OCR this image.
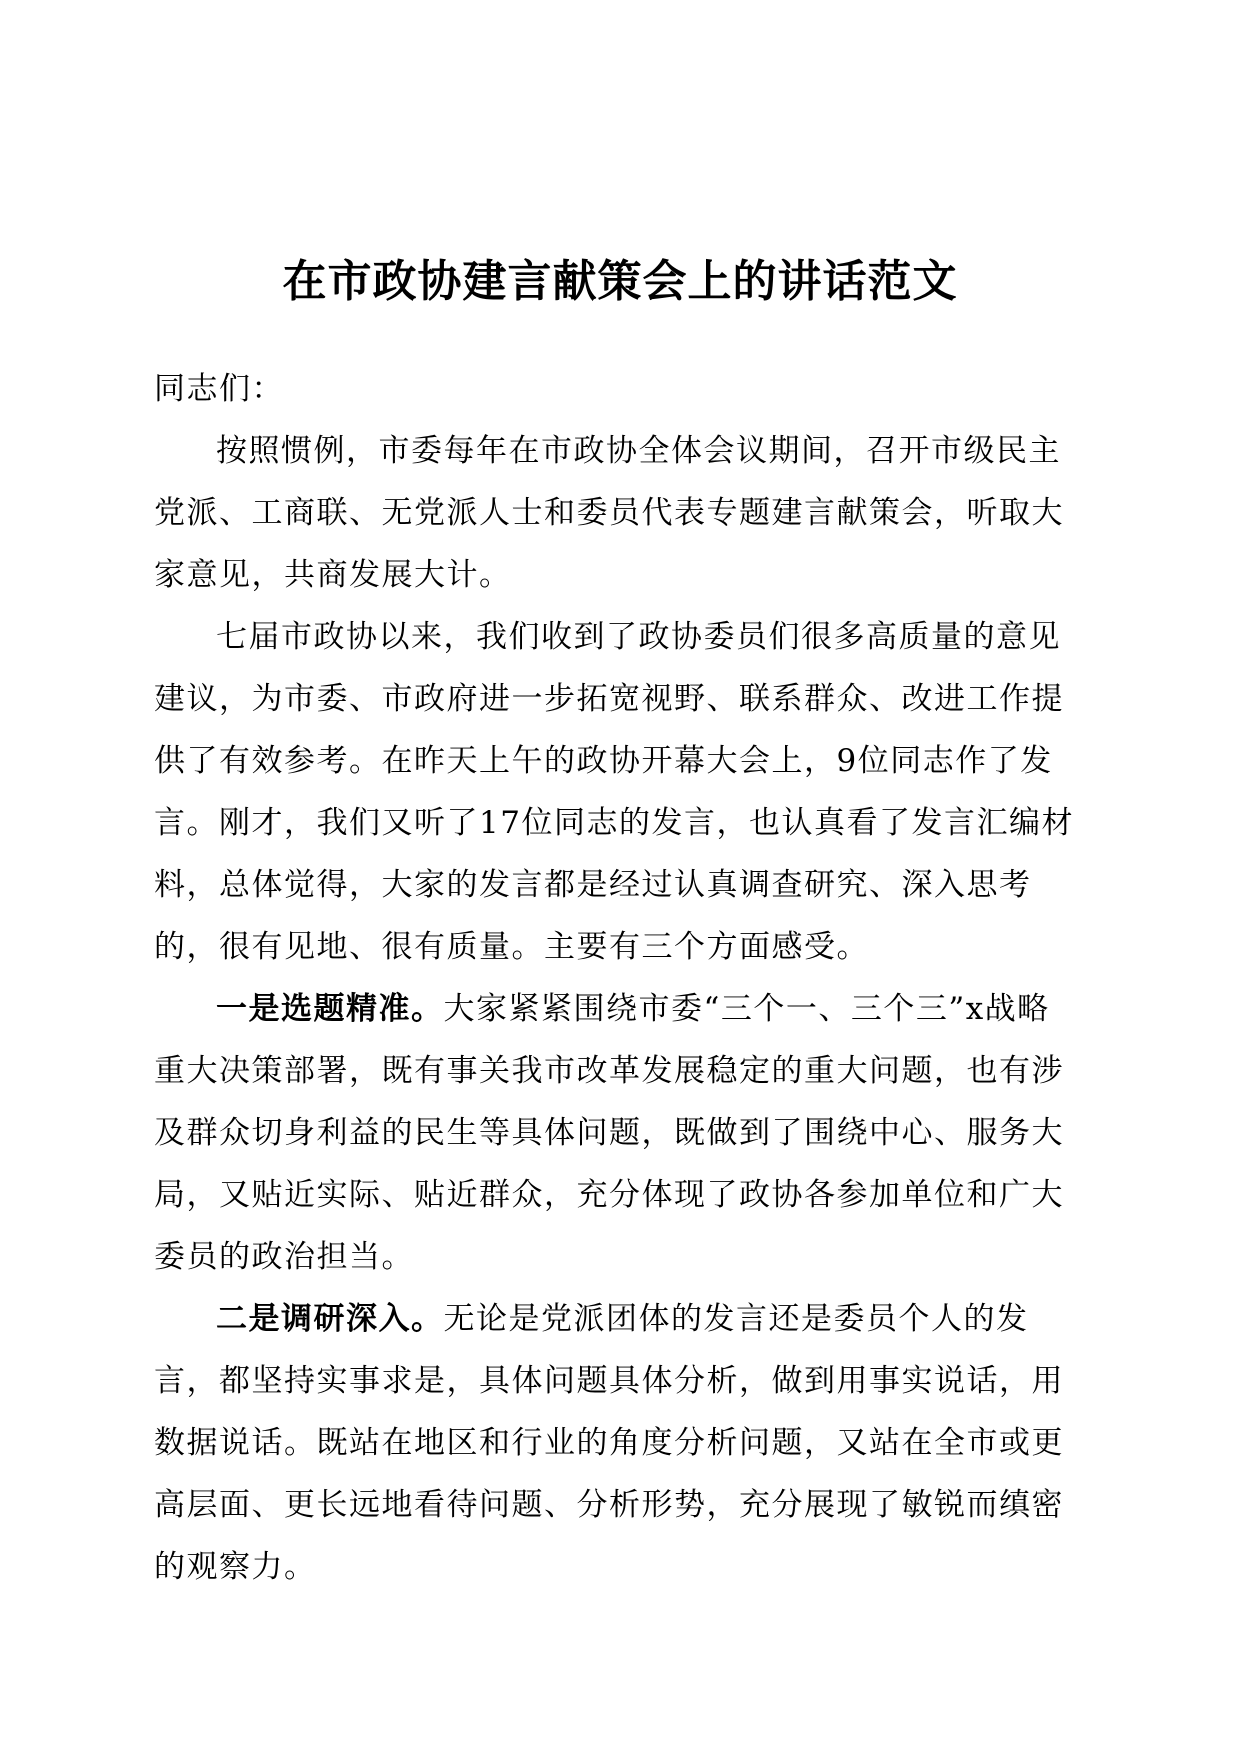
在市政协建言献策会上的讲话范文

同志们：

按照惯例，市委每年在市政协全体会议期间，召开市级民主党派、工商联、无党派人士和委员代表专题建言献策会，听取大家意见，共商发展大计。

七届市政协以来，我们收到了政协委员们很多高质量的意见建议，为市委、市政府进一步拓宽视野、联系群众、改进工作提供了有效参考。在昨天上午的政协开幕大会上，9位同志作了发言。刚才，我们又听了17位同志的发言，也认真看了发言汇编材料，总体觉得，大家的发言都是经过认真调查研究、深入思考的，很有见地、很有质量。主要有三个方面感受。

一是选题精准。大家紧紧围绕市委“三个一、三个三”x战略重大决策部署，既有事关我市改革发展稳定的重大问题，也有涉及群众切身利益的民生等具体问题，既做到了围绕中心、服务大局，又贴近实际、贴近群众，充分体现了政协各参加单位和广大委员的政治担当。

二是调研深入。无论是党派团体的发言还是委员个人的发言，都坚持实事求是，具体问题具体分析，做到用事实说话，用数据说话。既站在地区和行业的角度分析问题，又站在全市或更高层面、更长远地看待问题、分析形势，充分展现了敏锐而缜密的观察力。
